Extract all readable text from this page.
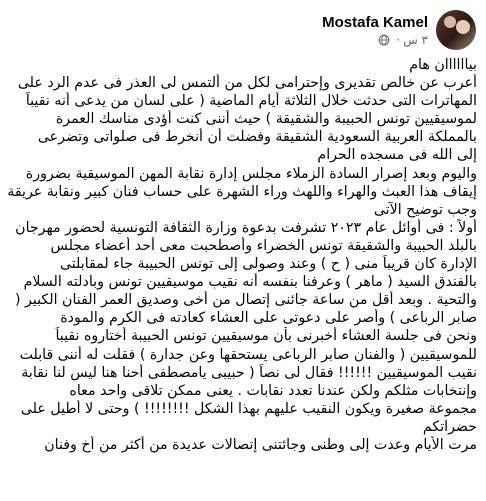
Mostafa Kamel
· ٣ س
بياااااان هام
أعرب عن خالص تقديرى وإحترامى لكل من ألتمس لى العذر فى عدم الرد على
المهاترات التى حدثت خلال الثلاثة أيام الماضية ( على لسان من يدعى أنه نقيباً
لموسيقيين تونس الحبيبة والشقيقة ) حيث أننى كنت أؤدى مناسك العمرة
بالمملكة العربية السعودية الشقيقة وفضلت أن أنخرط فى صلواتى وتضرعى
إلى الله فى مسجده الحرام
واليوم وبعد إصرار السادة الزملاء مجلس إدارة نقابة المهن الموسيقية بضرورة
إيقاف هذا العبث والهراء واللهث وراء الشهرة على حساب فنان كبير ونقابة عريقة
وجب توضيح الآتى
أولاً : فى أوائل عام ٢٠٢٣ تشرفت بدعوة وزارة الثقافة التونسية لحضور مهرجان
بالبلد الحبيبة والشقيقة تونس الخضراء وأصطحبت معى أحد أعضاء مجلس
الإدارة كان قريباً منى ( ح ) وعند وصولى إلى تونس الحبيبة جاء لمقابلتى
بالفندق السيد ( ماهر ) وعرفنا بنفسه أنه نقيب موسيقيين تونس وبادلته السلام
والتحية . وبعد أقل من ساعة جائنى إتصال من أخى وصديق العمر الفنان الكبير (
صابر الرباعى ) وأصر على دعوتى على العشاء كعادته فى الكرم والمودة
ونحن فى جلسة العشاء أخبرنى بأن موسيقيين تونس الحبيبة أختاروه نقيباً
للموسيقيين ( والفنان صابر الرباعى يستحقها وعن جدارة ) فقلت له أننى قابلت
نقيب الموسيقيين !!!!!! فقال لى نصاً ( حبيبى يامصطفى أحنا هنا ليس لنا نقابة
وإنتخابات مثلكم ولكن عندنا تعدد نقابات . يعنى ممكن تلاقى واحد معاه
مجموعة صغيرة ويكون النقيب عليهم بهذا الشكل !!!!!!!! ) وحتى لا أطيل على
حضراتكم
مرت الأيام وعدت إلى وطنى وجائتنى إتصالات عديدة من أكثر من أخ وفنان
